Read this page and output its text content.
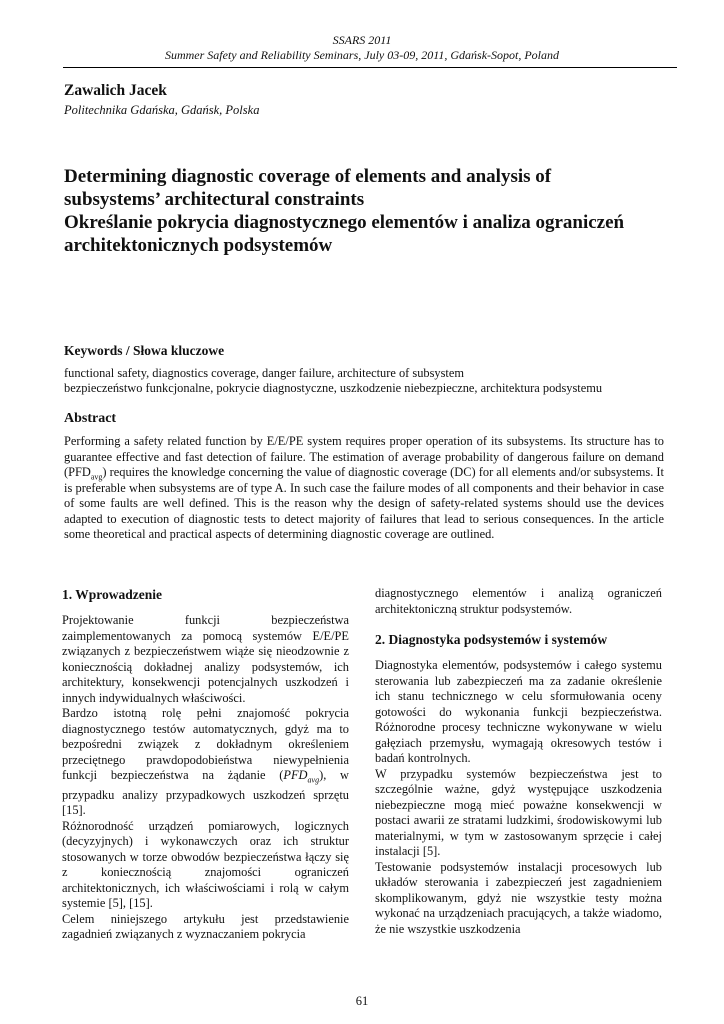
SSARS 2011
Summer Safety and Reliability Seminars, July 03-09, 2011, Gdańsk-Sopot, Poland
Zawalich Jacek
Politechnika Gdańska, Gdańsk, Polska
Determining diagnostic coverage of elements and analysis of
subsystems’ architectural constraints
Określanie pokrycia diagnostycznego elementów i analiza ograniczeń
architektonicznych podsystemów
Keywords / Słowa kluczowe
functional safety, diagnostics coverage, danger failure, architecture of subsystem
bezpieczeństwo funkcjonalne, pokrycie diagnostyczne, uszkodzenie niebezpieczne, architektura podsystemu
Abstract

Performing a safety related function by E/E/PE system requires proper operation of its subsystems. Its structure has to guarantee effective and fast detection of failure. The estimation of average probability of dangerous failure on demand $(PFD_{avg})$ requires the knowledge concerning the value of diagnostic coverage (DC) for all elements and/or subsystems. It is preferable when subsystems are of type A. In such case the failure modes of all components and their behavior in case of some faults are well defined. This is the reason why the design of safety-related systems should use the devices adapted to execution of diagnostic tests to detect majority of failures that lead to serious consequences. In the article some theoretical and practical aspects of determining diagnostic coverage are outlined.

1. Wprowadzenie

Projektowanie funkcji bezpieczeństwa zaimplementowanych za pomocą systemów E/E/PE związanych z bezpieczeństwem wiąże się nieodzownie z koniecznością dokładnej analizy podsystemów, ich architektury, konsekwencji potencjalnych uszkodzeń i innych indywidualnych właściwości.

Bardzo istotną rolę pełni znajomość pokrycia diagnostycznego testów automatycznych, gdyż ma to bezpośredni związek z dokładnym określeniem przeciętnego prawdopodobieństwa niewypełnienia funkcji bezpieczeństwa na żądanie $(PFD_{avg})$, w przypadku analizy przypadkowych uszkodzeń sprzętu [15].

Różnorodność urządzeń pomiarowych, logicznych (decyzyjnych) i wykonawczych oraz ich struktur stosowanych w torze obwodów bezpieczeństwa łączy się z koniecznością znajomości ograniczeń architektonicznych, ich właściwościami i rolą w całym systemie [5], [15].

Celem niniejszego artykułu jest przedstawienie zagadnień związanych z wyznaczaniem pokrycia

diagnostycznego elementów i analizą ograniczeń architektoniczną struktur podsystemów.

2. Diagnostyka podsystemów i systemów

Diagnostyka elementów, podsystemów i całego systemu sterowania lub zabezpieczeń ma za zadanie określenie ich stanu technicznego w celu sformułowania oceny gotowości do wykonania funkcji bezpieczeństwa. Różnorodne procesy techniczne wykonywane w wielu gałęziach przemysłu, wymagają okresowych testów i badań kontrolnych.

W przypadku systemów bezpieczeństwa jest to szczególnie ważne, gdyż występujące uszkodzenia niebezpieczne mogą mieć poważne konsekwencji w postaci awarii ze stratami ludzkimi, środowiskowymi lub materialnymi, w tym w zastosowanym sprzęcie i całej instalacji [5].

Testowanie podsystemów instalacji procesowych lub układów sterowania i zabezpieczeń jest zagadnieniem skomplikowanym, gdyż nie wszystkie testy można wykonać na urządzeniach pracujących, a także wiadomo, że nie wszystkie uszkodzenia

61
